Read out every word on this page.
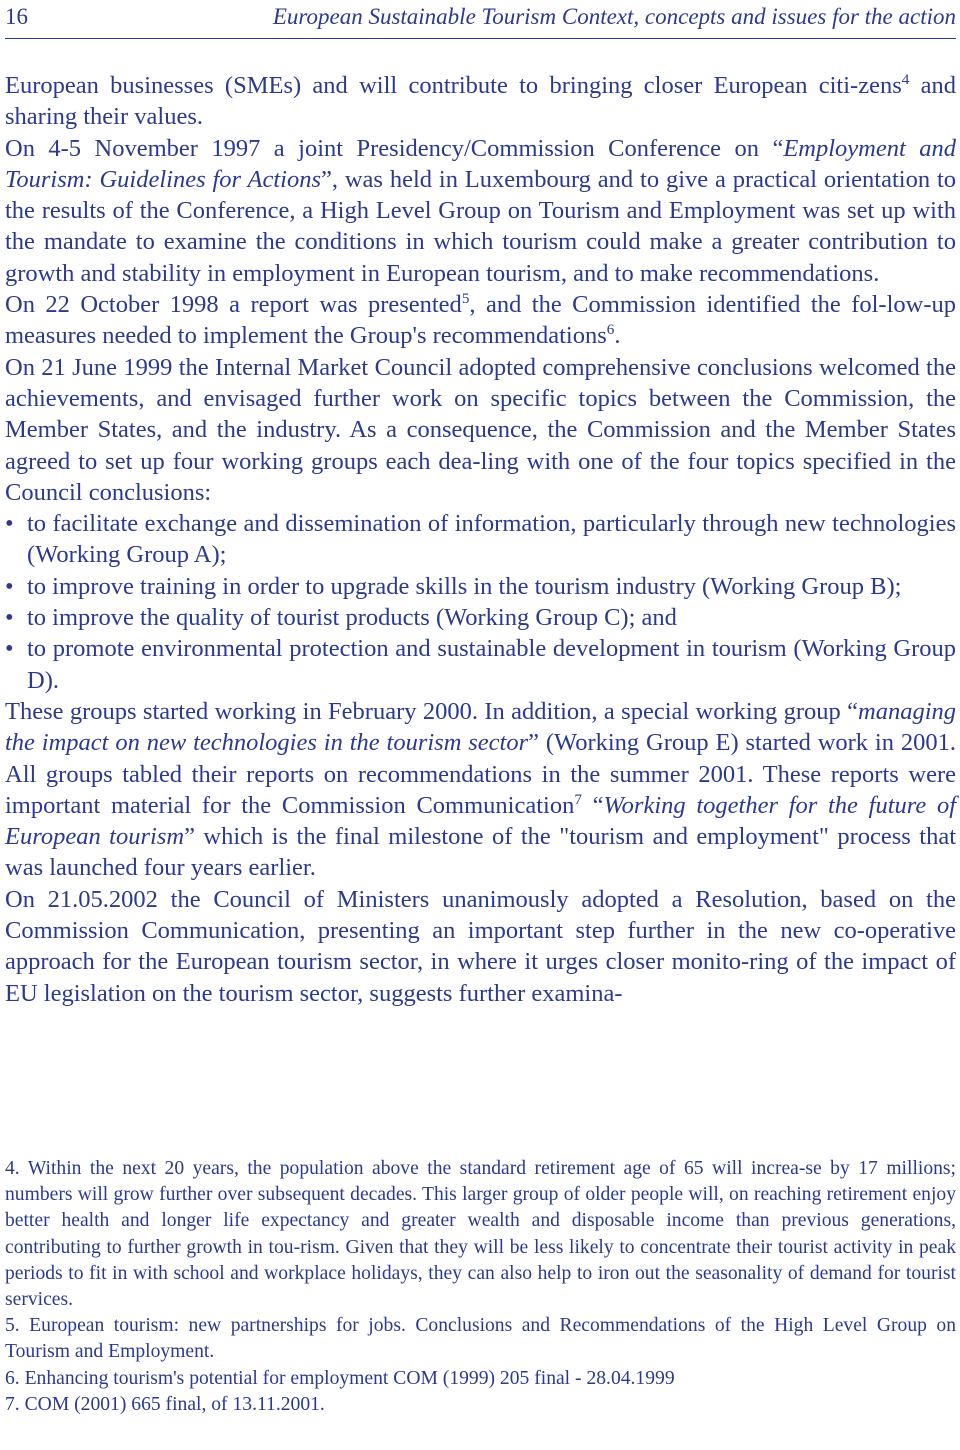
16	European Sustainable Tourism Context, concepts and issues for the action

European businesses (SMEs) and will contribute to bringing closer European citi-zens$^4$ and sharing their values.

On 4-5 November 1997 a joint Presidency/Commission Conference on “Employment and Tourism: Guidelines for Actions”, was held in Luxembourg and to give a practical orientation to the results of the Conference, a High Level Group on Tourism and Employment was set up with the mandate to examine the conditions in which tourism could make a greater contribution to growth and stability in employment in European tourism, and to make recommendations.

On 22 October 1998 a report was presented$^5$, and the Commission identified the fol-low-up measures needed to implement the Group's recommendations$^6$.

On 21 June 1999 the Internal Market Council adopted comprehensive conclusions welcomed the achievements, and envisaged further work on specific topics between the Commission, the Member States, and the industry. As a consequence, the Commission and the Member States agreed to set up four working groups each dea-ling with one of the four topics specified in the Council conclusions:

• to facilitate exchange and dissemination of information, particularly through new technologies (Working Group A);
• to improve training in order to upgrade skills in the tourism industry (Working Group B);
• to improve the quality of tourist products (Working Group C); and
• to promote environmental protection and sustainable development in tourism (Working Group D).

These groups started working in February 2000. In addition, a special working group “managing the impact on new technologies in the tourism sector” (Working Group E) started work in 2001. All groups tabled their reports on recommendations in the summer 2001. These reports were important material for the Commission Communication$^7$ “Working together for the future of European tourism” which is the final milestone of the "tourism and employment" process that was launched four years earlier.

On 21.05.2002 the Council of Ministers unanimously adopted a Resolution, based on the Commission Communication, presenting an important step further in the new co-operative approach for the European tourism sector, in where it urges closer monito-ring of the impact of EU legislation on the tourism sector, suggests further examina-

4. Within the next 20 years, the population above the standard retirement age of 65 will increa-se by 17 millions; numbers will grow further over subsequent decades. This larger group of older people will, on reaching retirement enjoy better health and longer life expectancy and greater wealth and disposable income than previous generations, contributing to further growth in tou-rism. Given that they will be less likely to concentrate their tourist activity in peak periods to fit in with school and workplace holidays, they can also help to iron out the seasonality of demand for tourist services.

5. European tourism: new partnerships for jobs. Conclusions and Recommendations of the High Level Group on Tourism and Employment.

6. Enhancing tourism's potential for employment COM (1999) 205 final - 28.04.1999

7. COM (2001) 665 final, of 13.11.2001.
